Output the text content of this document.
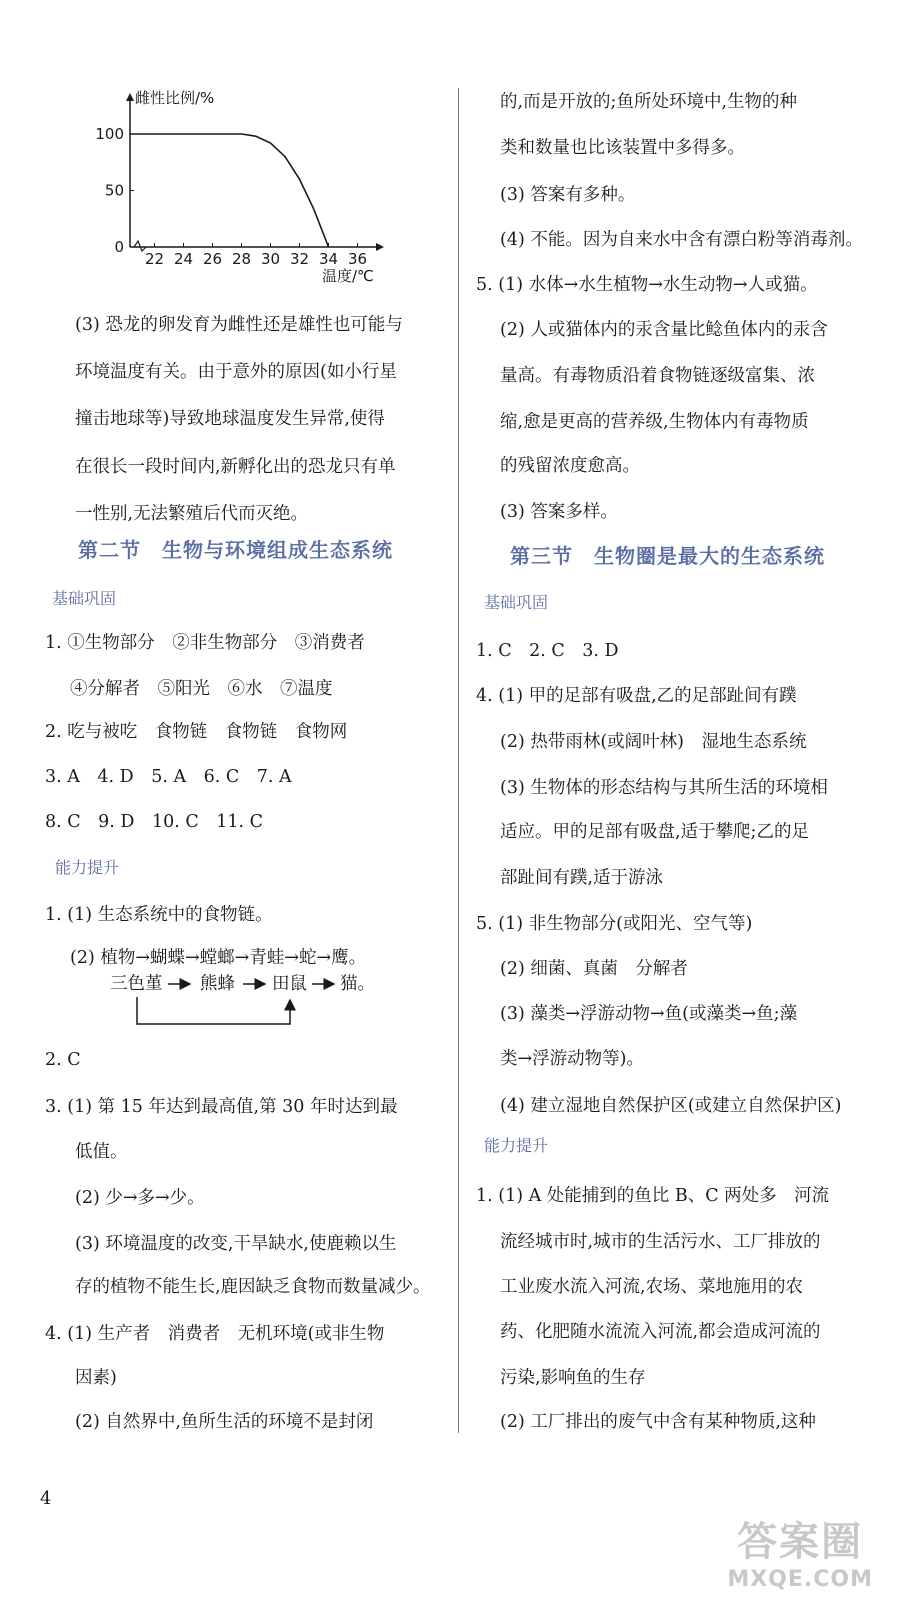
22 24 26 28 30 32 34 36
0
50
100
雌性比例/%
温度/℃
(3) 恐龙的卵发育为雌性还是雄性也可能与
环境温度有关。由于意外的原因(如小行星
撞击地球等)导致地球温度发生异常,使得
在很长一段时间内,新孵化出的恐龙只有单
一性别,无法繁殖后代而灭绝。
第二节　生物与环境组成生态系统
基础巩固
1. ①生物部分　②非生物部分　③消费者
④分解者　⑤阳光　⑥水　⑦温度
2. 吃与被吃　食物链　食物链　食物网
3. A　4. D　5. A　6. C　7. A
8. C　9. D　10. C　11. C
能力提升
1. (1) 生态系统中的食物链。
(2) 植物→蝴蝶→螳螂→青蛙→蛇→鹰。
三色堇 熊蜂 田鼠 猫。
2. C
3. (1) 第 15 年达到最高值,第 30 年时达到最
低值。
(2) 少→多→少。
(3) 环境温度的改变,干旱缺水,使鹿赖以生
存的植物不能生长,鹿因缺乏食物而数量减少。
4. (1) 生产者　消费者　无机环境(或非生物
因素)
(2) 自然界中,鱼所生活的环境不是封闭
的,而是开放的;鱼所处环境中,生物的种
类和数量也比该装置中多得多。
(3) 答案有多种。
(4) 不能。因为自来水中含有漂白粉等消毒剂。
5. (1) 水体→水生植物→水生动物→人或猫。
(2) 人或猫体内的汞含量比鲶鱼体内的汞含
量高。有毒物质沿着食物链逐级富集、浓
缩,愈是更高的营养级,生物体内有毒物质
的残留浓度愈高。
(3) 答案多样。
第三节　生物圈是最大的生态系统
基础巩固
1. C　2. C　3. D
4. (1) 甲的足部有吸盘,乙的足部趾间有蹼
(2) 热带雨林(或阔叶林)　湿地生态系统
(3) 生物体的形态结构与其所生活的环境相
适应。甲的足部有吸盘,适于攀爬;乙的足
部趾间有蹼,适于游泳
5. (1) 非生物部分(或阳光、空气等)
(2) 细菌、真菌　分解者
(3) 藻类→浮游动物→鱼(或藻类→鱼;藻
类→浮游动物等)。
(4) 建立湿地自然保护区(或建立自然保护区)
能力提升
1. (1) A 处能捕到的鱼比 B、C 两处多　河流
流经城市时,城市的生活污水、工厂排放的
工业废水流入河流,农场、菜地施用的农
药、化肥随水流流入河流,都会造成河流的
污染,影响鱼的生存
(2) 工厂排出的废气中含有某种物质,这种
4
答案圈
MXQE.COM
